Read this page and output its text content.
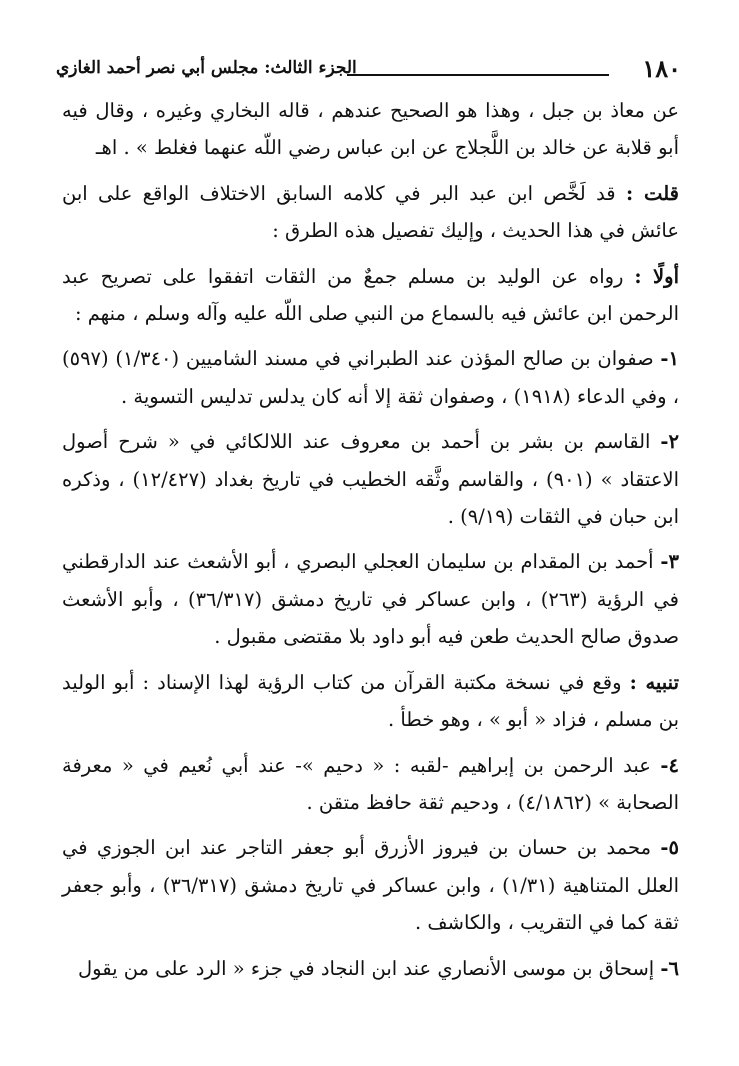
١٨٠
الجزء الثالث: مجلس أبي نصر أحمد الغازي

عن معاذ بن جبل ، وهذا هو الصحيح عندهم ، قاله البخاري وغيره ، وقال فيه أبو قلابة عن خالد بن اللَّجلاج عن ابن عباس رضي اللّه عنهما فغلط » . اهـ

قلت : قد لَخَّص ابن عبد البر في كلامه السابق الاختلاف الواقع على ابن عائش في هذا الحديث ، وإليك تفصيل هذه الطرق :

أولًا : رواه عن الوليد بن مسلم جمعٌ من الثقات اتفقوا على تصريح عبد الرحمن ابن عائش فيه بالسماع من النبي صلى اللّه عليه وآله وسلم ، منهم :

١- صفوان بن صالح المؤذن عند الطبراني في مسند الشاميين (١/٣٤٠) (٥٩٧) ، وفي الدعاء (١٩١٨) ، وصفوان ثقة إلا أنه كان يدلس تدليس التسوية .

٢- القاسم بن بشر بن أحمد بن معروف عند اللالكائي في « شرح أصول الاعتقاد » (٩٠١) ، والقاسم وثَّقه الخطيب في تاريخ بغداد (١٢/٤٢٧) ، وذكره ابن حبان في الثقات (٩/١٩) .

٣- أحمد بن المقدام بن سليمان العجلي البصري ، أبو الأشعث عند الدارقطني في الرؤية (٢٦٣) ، وابن عساكر في تاريخ دمشق (٣٦/٣١٧) ، وأبو الأشعث صدوق صالح الحديث طعن فيه أبو داود بلا مقتضى مقبول .

تنبيه : وقع في نسخة مكتبة القرآن من كتاب الرؤية لهذا الإسناد : أبو الوليد بن مسلم ، فزاد « أبو » ، وهو خطأ .

٤- عبد الرحمن بن إبراهيم -لقبه : « دحيم »- عند أبي نُعيم في « معرفة الصحابة » (٤/١٨٦٢) ، ودحيم ثقة حافظ متقن .

٥- محمد بن حسان بن فيروز الأزرق أبو جعفر التاجر عند ابن الجوزي في العلل المتناهية (١/٣١) ، وابن عساكر في تاريخ دمشق (٣٦/٣١٧) ، وأبو جعفر ثقة كما في التقريب ، والكاشف .

٦- إسحاق بن موسى الأنصاري عند ابن النجاد في جزء « الرد على من يقول
